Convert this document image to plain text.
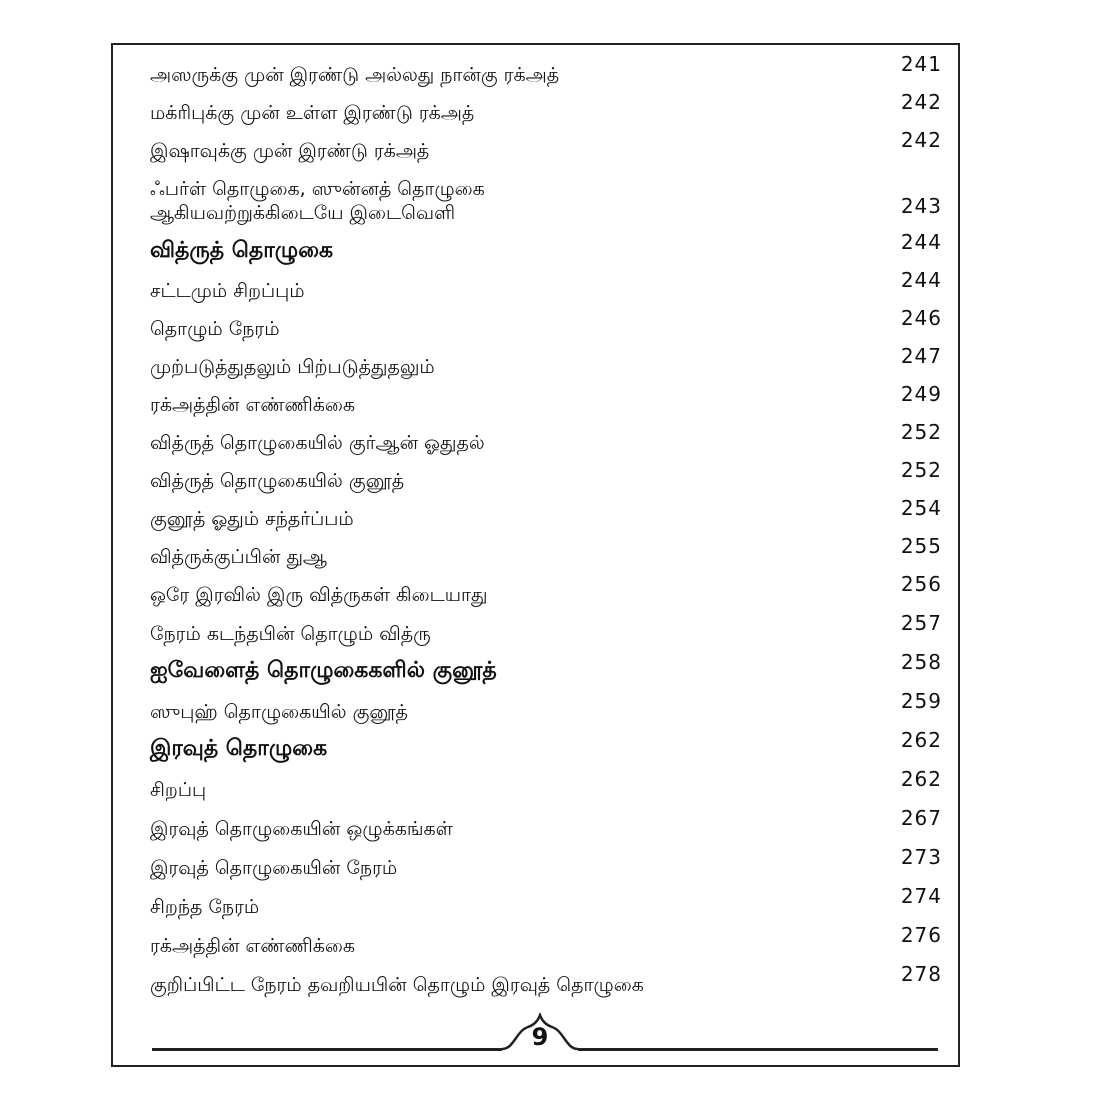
அஸருக்கு முன் இரண்டு அல்லது நான்கு ரக்அத்	241
மக்ரிபுக்கு முன் உள்ள இரண்டு ரக்அத்	242
இஷாவுக்கு முன் இரண்டு ரக்அத்	242
ஃபர்ள் தொழுகை, ஸுன்னத் தொழுகை
ஆகியவற்றுக்கிடையே இடைவெளி	243
வித்ருத் தொழுகை	244
சட்டமும் சிறப்பும்	244
தொழும் நேரம்	246
முற்படுத்துதலும் பிற்படுத்துதலும்	247
ரக்அத்தின் எண்ணிக்கை	249
வித்ருத் தொழுகையில் குர்ஆன் ஓதுதல்	252
வித்ருத் தொழுகையில் குனூத்	252
குனூத் ஓதும் சந்தர்ப்பம்	254
வித்ருக்குப்பின் துஆ	255
ஒரே இரவில் இரு வித்ருகள் கிடையாது	256
நேரம் கடந்தபின் தொழும் வித்ரு	257
ஐவேளைத் தொழுகைகளில் குனூத்	258
ஸுபுஹ் தொழுகையில் குனூத்	259
இரவுத் தொழுகை	262
சிறப்பு	262
இரவுத் தொழுகையின் ஒழுக்கங்கள்	267
இரவுத் தொழுகையின் நேரம்	273
சிறந்த நேரம்	274
ரக்அத்தின் எண்ணிக்கை	276
குறிப்பிட்ட நேரம் தவறியபின் தொழும் இரவுத் தொழுகை	278
9
